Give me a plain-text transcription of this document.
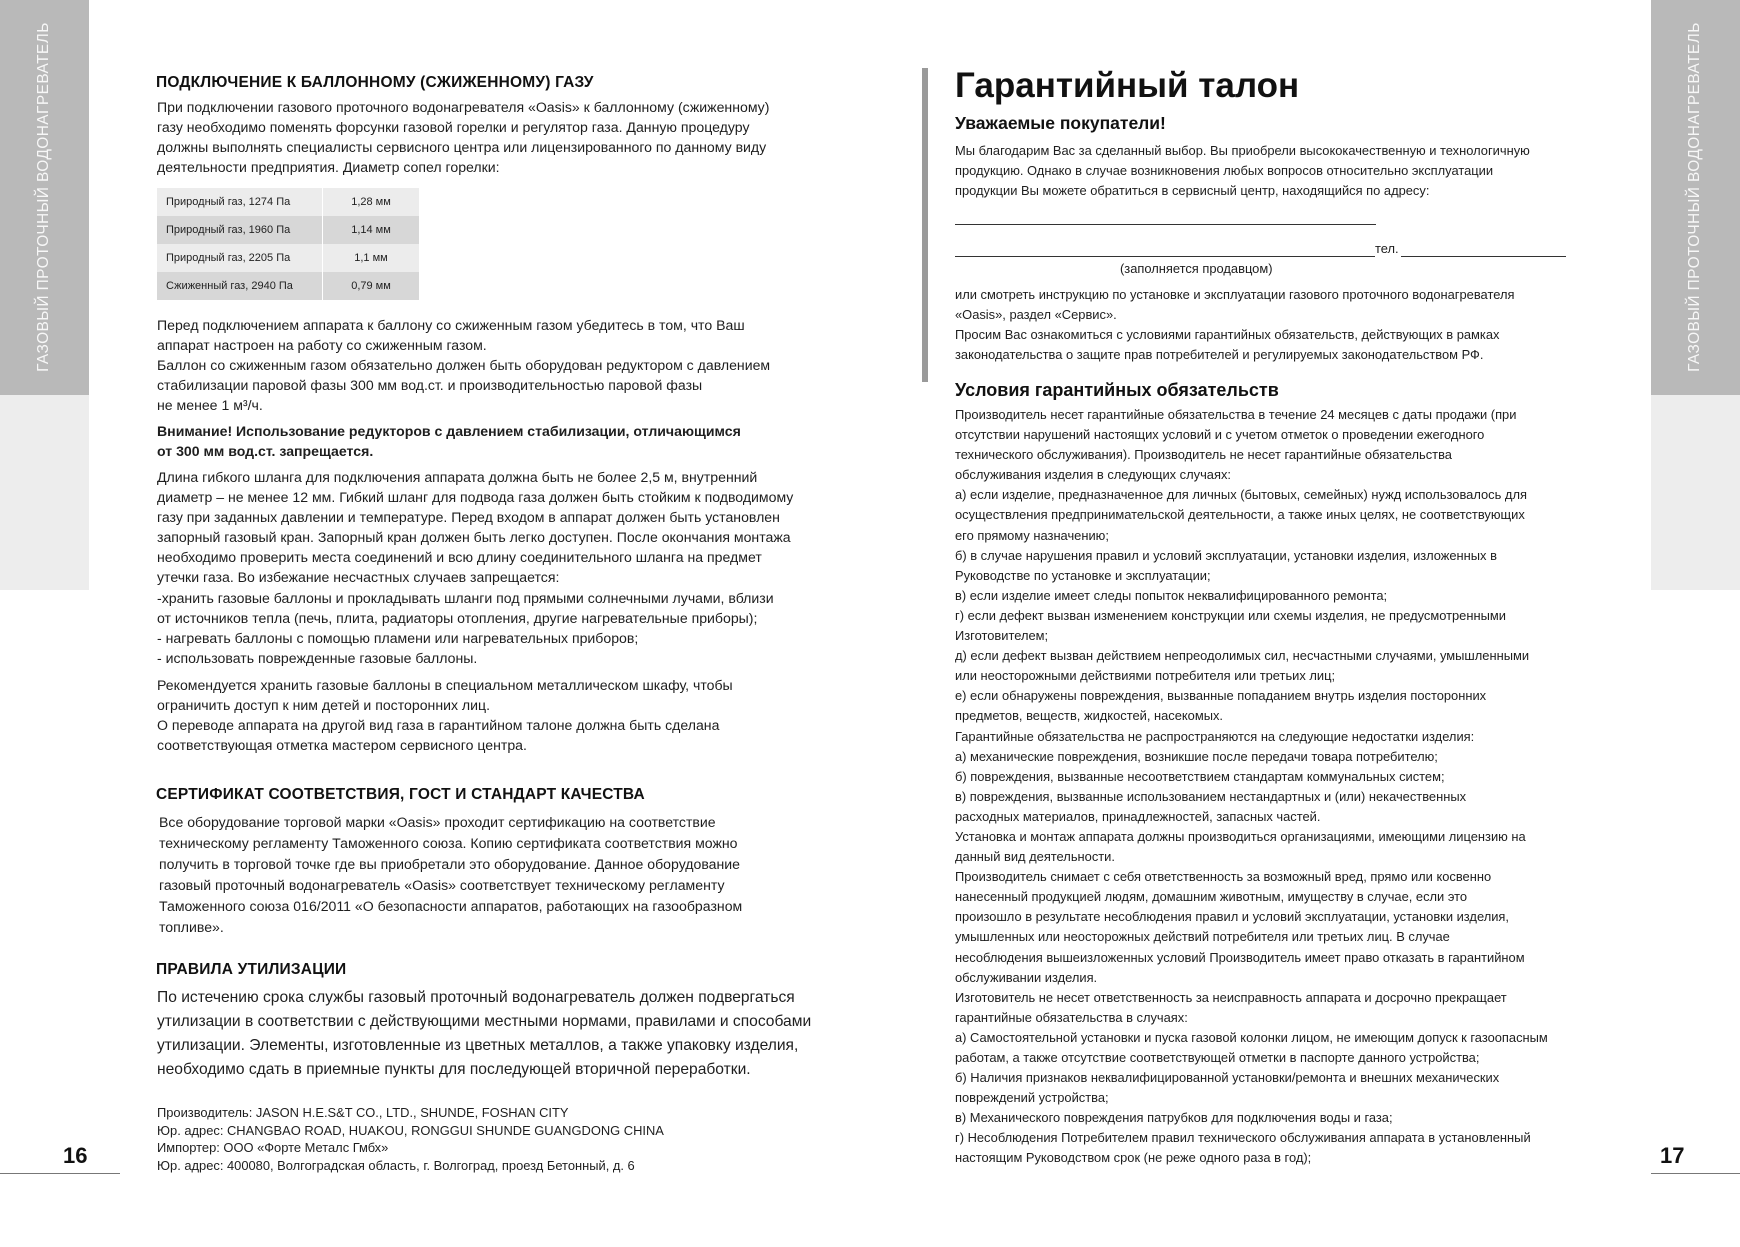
ГАЗОВЫЙ ПРОТОЧНЫЙ ВОДОНАГРЕВАТЕЛЬ	ГАЗОВЫЙ ПРОТОЧНЫЙ ВОДОНАГРЕВАТЕЛЬ
16	17
ПОДКЛЮЧЕНИЕ К БАЛЛОННОМУ (СЖИЖЕННОМУ) ГАЗУ

При подключении газового проточного водонагревателя «Oasis» к баллонному (сжиженному)

газу необходимо поменять форсунки газовой горелки и регулятор газа. Данную процедуру

должны выполнять специалисты сервисного центра или лицензированного по данному виду

деятельности предприятия. Диаметр сопел горелки:

Природный газ, 1274 Па	1,28 мм
Природный газ, 1960 Па	1,14 мм
Природный газ, 2205 Па	1,1 мм
Сжиженный газ, 2940 Па	0,79 мм

Перед подключением аппарата к баллону со сжиженным газом убедитесь в том, что Ваш

аппарат настроен на работу со сжиженным газом.

Баллон со сжиженным газом обязательно должен быть оборудован редуктором с давлением

стабилизации паровой фазы 300 мм вод.ст. и производительностью паровой фазы

не менее 1 м³/ч.

Внимание! Использование редукторов с давлением стабилизации, отличающимся

от 300 мм вод.ст. запрещается.

Длина гибкого шланга для подключения аппарата должна быть не более 2,5 м, внутренний

диаметр – не менее 12 мм. Гибкий шланг для подвода газа должен быть стойким к подводимому

газу при заданных давлении и температуре. Перед входом в аппарат должен быть установлен

запорный газовый кран. Запорный кран должен быть легко доступен. После окончания монтажа

необходимо проверить места соединений и всю длину соединительного шланга на предмет

утечки газа. Во избежание несчастных случаев запрещается:

-хранить газовые баллоны и прокладывать шланги под прямыми солнечными лучами, вблизи

от источников тепла (печь, плита, радиаторы отопления, другие нагревательные приборы);

- нагревать баллоны с помощью пламени или нагревательных приборов;

- использовать поврежденные газовые баллоны.

Рекомендуется хранить газовые баллоны в специальном металлическом шкафу, чтобы

ограничить доступ к ним детей и посторонних лиц.

О переводе аппарата на другой вид газа в гарантийном талоне должна быть сделана

соответствующая отметка мастером сервисного центра.

СЕРТИФИКАТ СООТВЕТСТВИЯ, ГОСТ И СТАНДАРТ КАЧЕСТВА

Все оборудование торговой марки «Oasis» проходит сертификацию на соответствие

техническому регламенту Таможенного союза. Копию сертификата соответствия можно

получить в торговой точке где вы приобретали это оборудование. Данное оборудование

газовый проточный водонагреватель «Oasis» соответствует техническому регламенту

Таможенного союза 016/2011 «О безопасности аппаратов, работающих на газообразном

топливе».

ПРАВИЛА УТИЛИЗАЦИИ

По истечению срока службы газовый проточный водонагреватель должен подвергаться

утилизации в соответствии с действующими местными нормами, правилами и способами

утилизации. Элементы, изготовленные из цветных металлов, а также упаковку изделия,

необходимо сдать в приемные пункты для последующей вторичной переработки.

Производитель: JASON H.E.S&T CO., LTD., SHUNDE, FOSHAN CITY
Юр. адрес: CHANGBAO ROAD, HUAKOU, RONGGUI SHUNDE GUANGDONG CHINA
Импортер: ООО «Форте Металс Гмбх»
Юр. адрес: 400080, Волгоградская область, г. Волгоград, проезд Бетонный, д. 6
Гарантийный талон
Уважаемые покупатели!

Мы благодарим Вас за сделанный выбор. Вы приобрели высококачественную и технологичную

продукцию. Однако в случае возникновения любых вопросов относительно эксплуатации

продукции Вы можете обратиться в сервисный центр, находящийся по адресу:

тел.
(заполняется продавцом)

или смотреть инструкцию по установке и эксплуатации газового проточного водонагревателя

«Oasis», раздел «Сервис».

Просим Вас ознакомиться с условиями гарантийных обязательств, действующих в рамках

законодательства о защите прав потребителей и регулируемых законодательством РФ.

Условия гарантийных обязательств

Производитель несет гарантийные обязательства в течение 24 месяцев с даты продажи (при

отсутствии нарушений настоящих условий и с учетом отметок о проведении ежегодного

технического обслуживания). Производитель не несет гарантийные обязательства

обслуживания изделия в следующих случаях:

а) если изделие, предназначенное для личных (бытовых, семейных) нужд использовалось для

осуществления предпринимательской деятельности, а также иных целях, не соответствующих

его прямому назначению;

б) в случае нарушения правил и условий эксплуатации, установки изделия, изложенных в

Руководстве по установке и эксплуатации;

в) если изделие имеет следы попыток неквалифицированного ремонта;

г) если дефект вызван изменением конструкции или схемы изделия, не предусмотренными

Изготовителем;

д) если дефект вызван действием непреодолимых сил, несчастными случаями, умышленными

или неосторожными действиями потребителя или третьих лиц;

е) если обнаружены повреждения, вызванные попаданием внутрь изделия посторонних

предметов, веществ, жидкостей, насекомых.

Гарантийные обязательства не распространяются на следующие недостатки изделия:

а) механические повреждения, возникшие после передачи товара потребителю;

б) повреждения, вызванные несоответствием стандартам коммунальных систем;

в) повреждения, вызванные использованием нестандартных и (или) некачественных

расходных материалов, принадлежностей, запасных частей.

Установка и монтаж аппарата должны производиться организациями, имеющими лицензию на

данный вид деятельности.

Производитель снимает с себя ответственность за возможный вред, прямо или косвенно

нанесенный продукцией людям, домашним животным, имуществу в случае, если это

произошло в результате несоблюдения правил и условий эксплуатации, установки изделия,

умышленных или неосторожных действий потребителя или третьих лиц. В случае

несоблюдения вышеизложенных условий Производитель имеет право отказать в гарантийном

обслуживании изделия.

Изготовитель не несет ответственность за неисправность аппарата и досрочно прекращает

гарантийные обязательства в случаях:

а) Самостоятельной установки и пуска газовой колонки лицом, не имеющим допуск к газоопасным

работам, а также отсутствие соответствующей отметки в паспорте данного устройства;

б) Наличия признаков неквалифицированной установки/ремонта и внешних механических

повреждений устройства;

в) Механического повреждения патрубков для подключения воды и газа;

г) Несоблюдения Потребителем правил технического обслуживания аппарата в установленный

настоящим Руководством срок (не реже одного раза в год);
